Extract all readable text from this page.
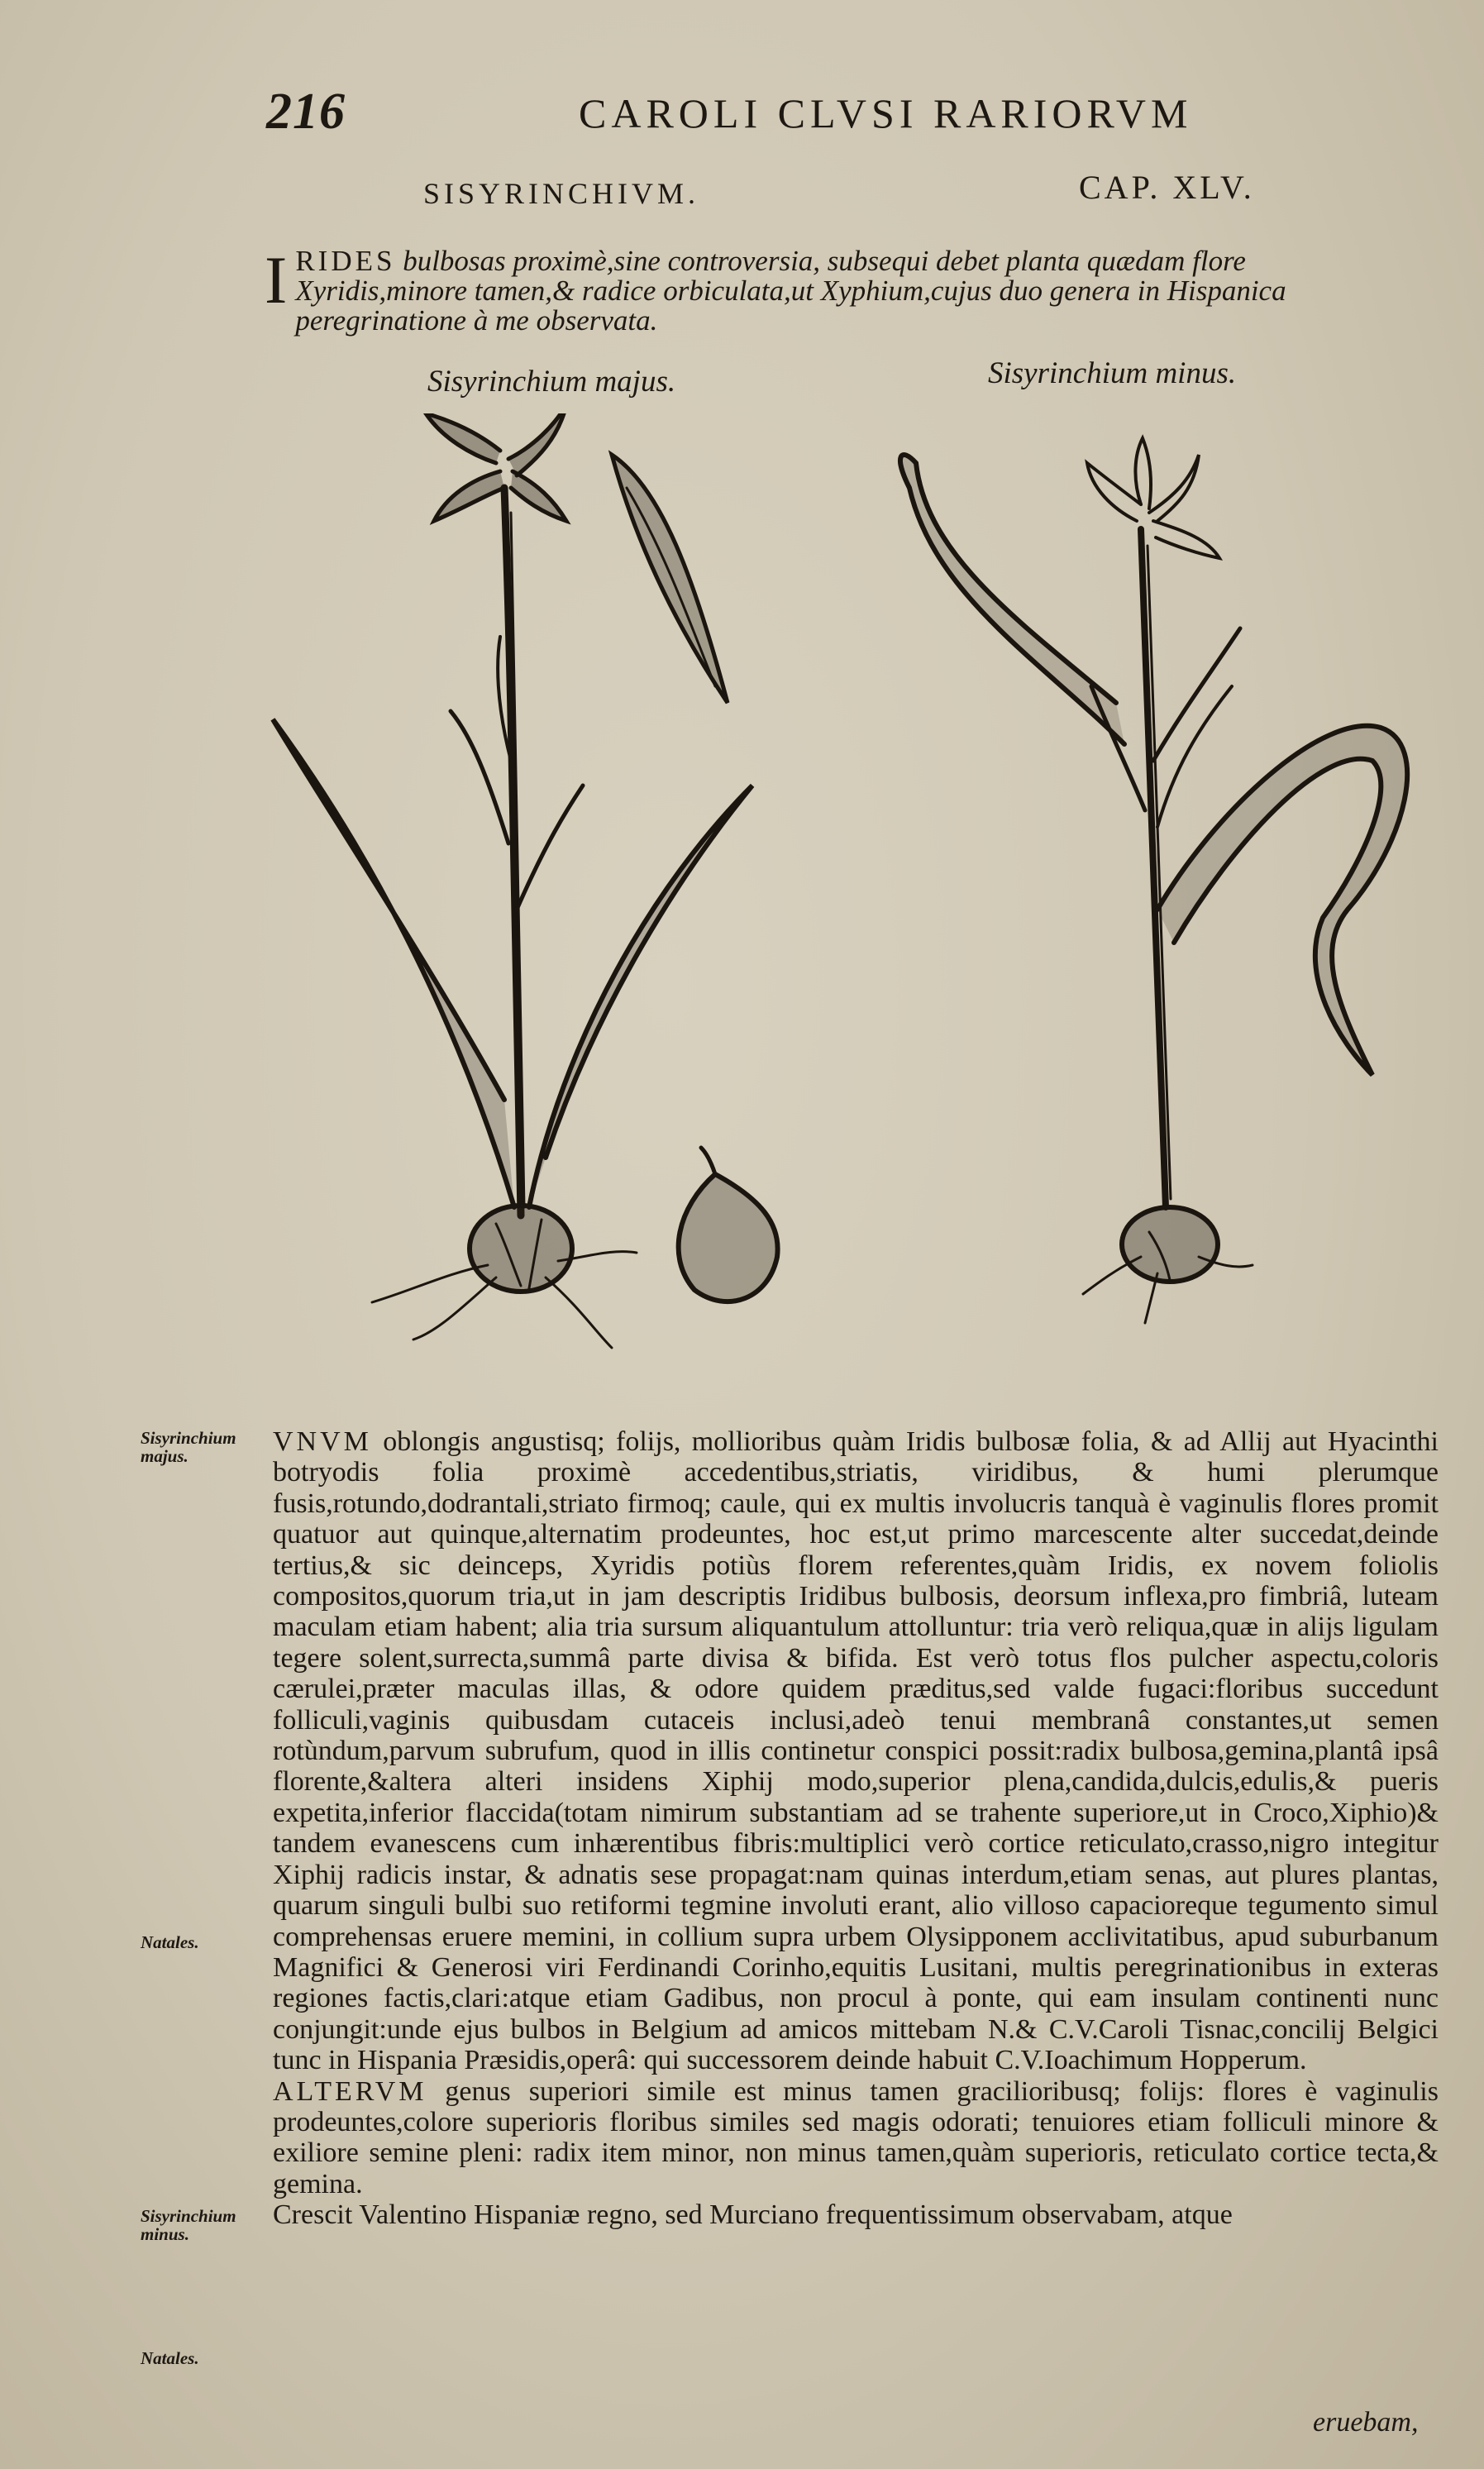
216	CAROLI CLVSI RARIORVM
SISYRINCHIVM.	CAP. XLV.
IRIDES bulbosas proximè,sine controversia, subsequi debet planta quædam flore Xyridis,minore tamen,& radice orbiculata,ut Xyphium,cujus duo genera in Hispanica peregrinatione à me observata.
Sisyrinchium majus.	Sisyrinchium minus.
Sisyrinchium majus.
Natales.
Sisyrinchium minus.
Natales.

VNVM oblongis angustisq; folijs, mollioribus quàm Iridis bulbosæ folia, & ad Allij aut Hyacinthi botryodis folia proximè accedentibus,striatis, viridibus, & humi plerumque fusis,rotundo,dodrantali,striato firmoq; caule, qui ex multis involucris tanquà è vaginulis flores promit quatuor aut quinque,alternatim prodeuntes, hoc est,ut primo marcescente alter succedat,deinde tertius,& sic deinceps, Xyridis potiùs florem referentes,quàm Iridis, ex novem foliolis compositos,quorum tria,ut in jam descriptis Iridibus bulbosis, deorsum inflexa,pro fimbriâ, luteam maculam etiam habent; alia tria sursum aliquantulum attolluntur: tria verò reliqua,quæ in alijs ligulam tegere solent,surrecta,summâ parte divisa & bifida. Est verò totus flos pulcher aspectu,coloris cærulei,præter maculas illas, & odore quidem præditus,sed valde fugaci:floribus succedunt folliculi,vaginis quibusdam cutaceis inclusi,adeò tenui membranâ constantes,ut semen rotùndum,parvum subrufum, quod in illis continetur conspici possit:radix bulbosa,gemina,plantâ ipsâ florente,&altera alteri insidens Xiphij modo,superior plena,candida,dulcis,edulis,& pueris expetita,inferior flaccida(totam nimirum substantiam ad se trahente superiore,ut in Croco,Xiphio)& tandem evanescens cum inhærentibus fibris:multiplici verò cortice reticulato,crasso,nigro integitur Xiphij radicis instar, & adnatis sese propagat:nam quinas interdum,etiam senas, aut plures plantas, quarum singuli bulbi suo retiformi tegmine involuti erant, alio villoso capacioreque tegumento simul comprehensas eruere memini, in collium supra urbem Olysipponem acclivitatibus, apud suburbanum Magnifici & Generosi viri Ferdinandi Corinho,equitis Lusitani, multis peregrinationibus in exteras regiones factis,clari:atque etiam Gadibus, non procul à ponte, qui eam insulam continenti nunc conjungit:unde ejus bulbos in Belgium ad amicos mittebam N.& C.V.Caroli Tisnac,concilij Belgici tunc in Hispania Præsidis,operâ: qui successorem deinde habuit C.V.Ioachimum Hopperum.

ALTERVM genus superiori simile est minus tamen gracilioribusq; folijs: flores è vaginulis prodeuntes,colore superioris floribus similes sed magis odorati; tenuiores etiam folliculi minore & exiliore semine pleni: radix item minor, non minus tamen,quàm superioris, reticulato cortice tecta,& gemina.

Crescit Valentino Hispaniæ regno, sed Murciano frequentissimum observabam, atque

eruebam,
